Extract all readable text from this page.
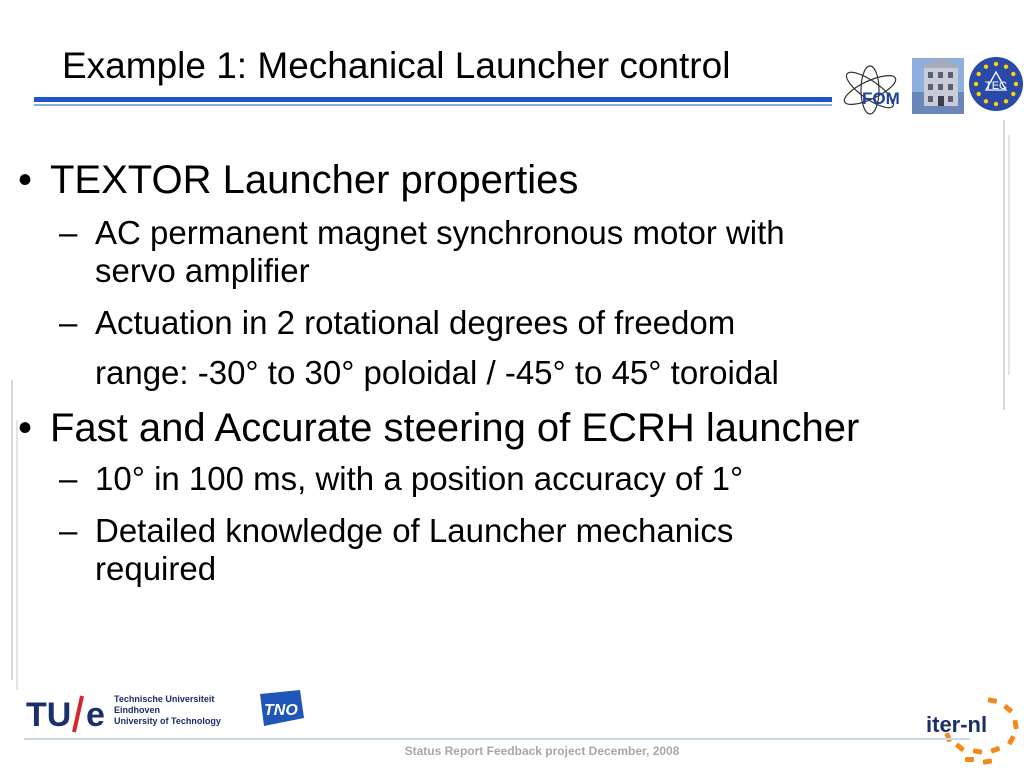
Example 1: Mechanical Launcher control
FOM
TEC
• TEXTOR Launcher properties
– AC permanent magnet synchronous motor with
servo amplifier
– Actuation in 2 rotational degrees of freedom
range: -30° to 30° poloidal / -45° to 45° toroidal
• Fast and Accurate steering of ECRH launcher
– 10° in 100 ms, with a position accuracy of 1°
– Detailed knowledge of Launcher mechanics
required
TU e Technische Universiteit
Eindhoven
University of Technology
TNO
iter-nl
Status Report Feedback project December, 2008
